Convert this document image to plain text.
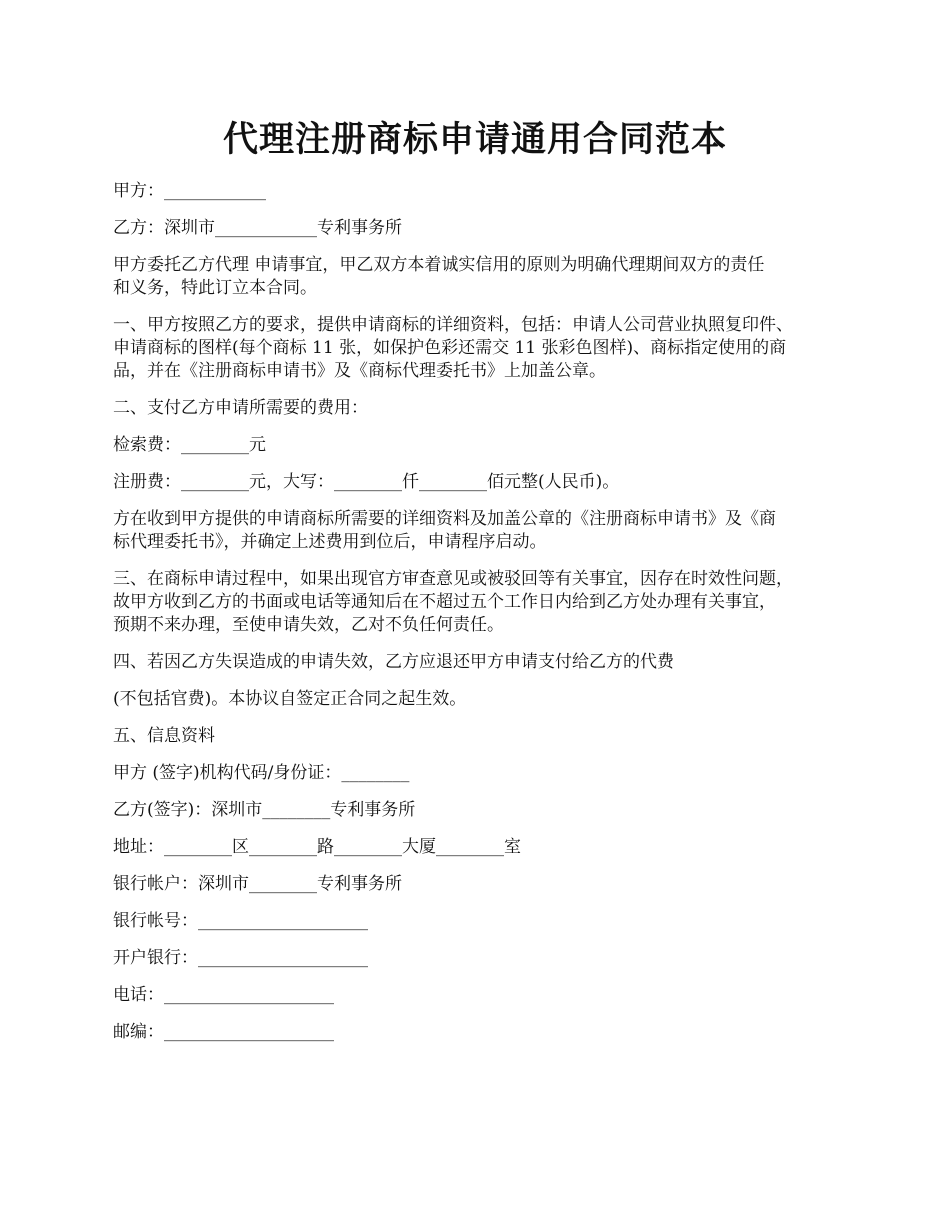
代理注册商标申请通用合同范本

甲方：____________

乙方：深圳市____________专利事务所

甲方委托乙方代理 申请事宜，甲乙双方本着诚实信用的原则为明确代理期间双方的责任
和义务，特此订立本合同。

一、甲方按照乙方的要求，提供申请商标的详细资料，包括：申请人公司营业执照复印件、
申请商标的图样(每个商标 11 张，如保护色彩还需交 11 张彩色图样)、商标指定使用的商
品，并在《注册商标申请书》及《商标代理委托书》上加盖公章。

二、支付乙方申请所需要的费用：

检索费：________元

注册费：________元，大写：________仟________佰元整(人民币)。

方在收到甲方提供的申请商标所需要的详细资料及加盖公章的《注册商标申请书》及《商
标代理委托书》，并确定上述费用到位后，申请程序启动。

三、在商标申请过程中，如果出现官方审查意见或被驳回等有关事宜，因存在时效性问题，
故甲方收到乙方的书面或电话等通知后在不超过五个工作日内给到乙方处办理有关事宜，
预期不来办理，至使申请失效，乙对不负任何责任。

四、若因乙方失误造成的申请失效，乙方应退还甲方申请支付给乙方的代费

(不包括官费)。本协议自签定正合同之起生效。

五、信息资料

甲方 (签字)机构代码/身份证：________

乙方(签字)：深圳市________专利事务所

地址：________区________路________大厦________室

银行帐户：深圳市________专利事务所

银行帐号：____________________

开户银行：____________________

电话：____________________

邮编：____________________
